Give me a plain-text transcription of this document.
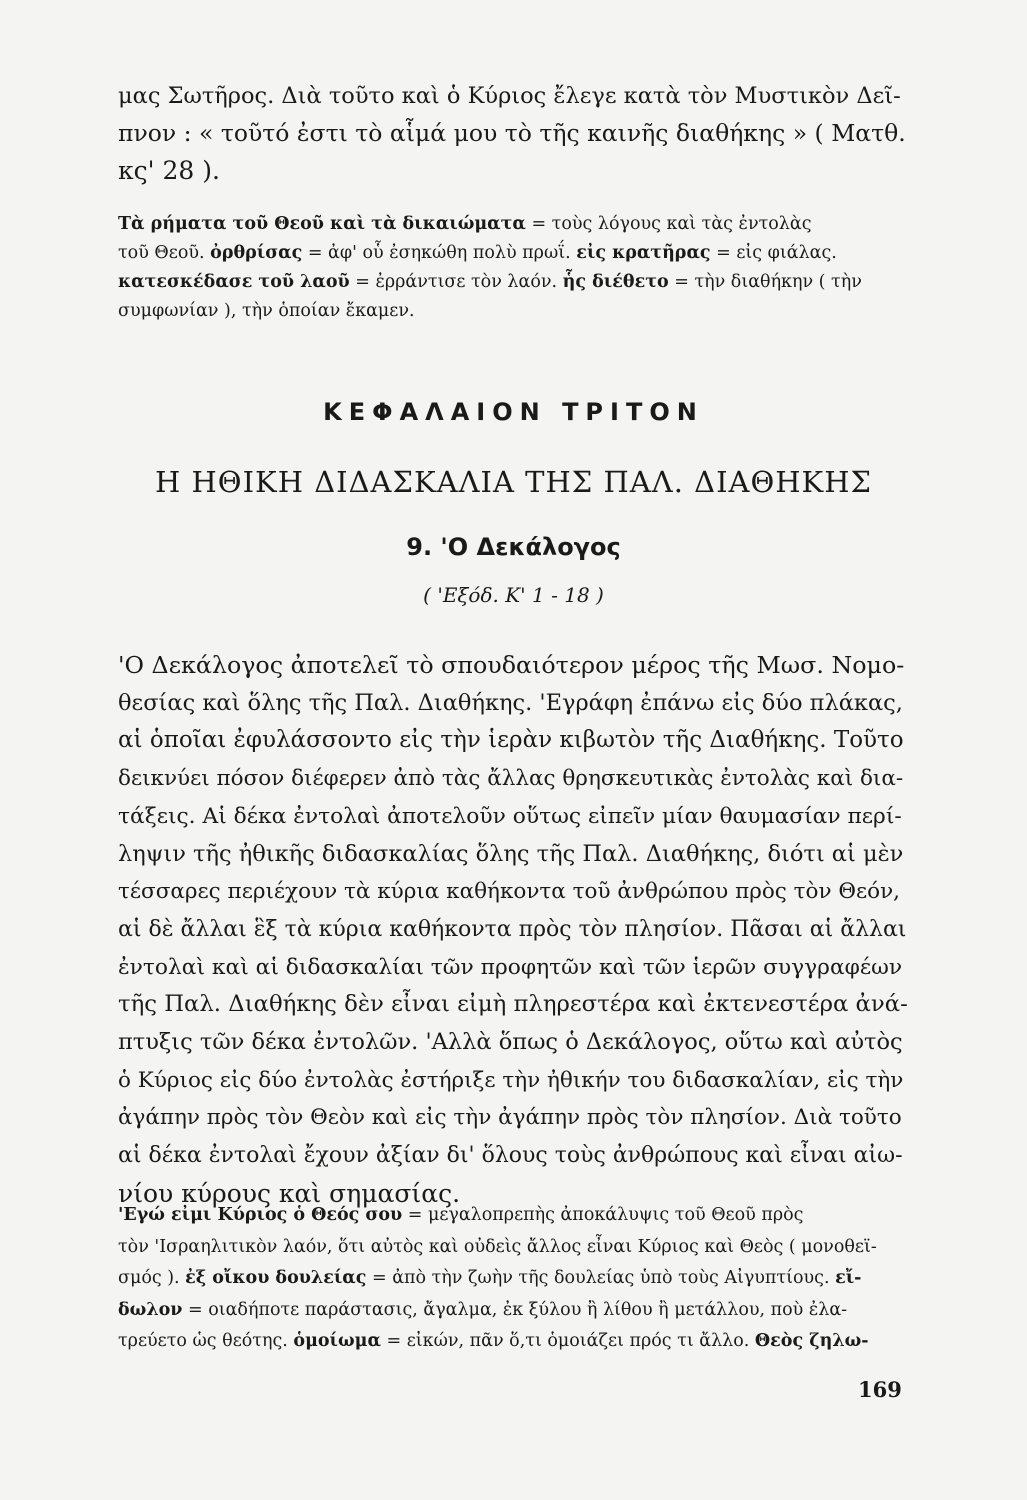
μας Σωτῆρος. Διὰ τοῦτο καὶ ὁ Κύριος ἔλεγε κατὰ τὸν Μυστικὸν Δεῖ-
πνον : « τοῦτό ἐστι τὸ αἷμά μου τὸ τῆς καινῆς διαθήκης » ( Ματθ.
κς' 28 ).
Τὰ ρήματα τοῦ Θεοῦ καὶ τὰ δικαιώματα = τοὺς λόγους καὶ τὰς ἐντολὰς
τοῦ Θεοῦ. ὀρθρίσας = ἀφ' οὗ ἐσηκώθη πολὺ πρωΐ. εἰς κρατῆρας = εἰς φιάλας.
κατεσκέδασε τοῦ λαοῦ = ἐρράντισε τὸν λαόν. ἧς διέθετο = τὴν διαθήκην ( τὴν
συμφωνίαν ), τὴν ὁποίαν ἔκαμεν.
ΚΕΦΑΛΑΙΟΝ ΤΡΙΤΟΝ
Η ΗΘΙΚΗ ΔΙΔΑΣΚΑΛΙΑ ΤΗΣ ΠΑΛ. ΔΙΑΘΗΚΗΣ
9. 'Ο Δεκάλογος
( 'Εξόδ. Κ' 1 - 18 )
'Ο Δεκάλογος ἀποτελεῖ τὸ σπουδαιότερον μέρος τῆς Μωσ. Νομο-
θεσίας καὶ ὅλης τῆς Παλ. Διαθήκης. 'Εγράφη ἐπάνω εἰς δύο πλάκας,
αἱ ὁποῖαι ἐφυλάσσοντο εἰς τὴν ἱερὰν κιβωτὸν τῆς Διαθήκης. Τοῦτο
δεικνύει πόσον διέφερεν ἀπὸ τὰς ἄλλας θρησκευτικὰς ἐντολὰς καὶ δια-
τάξεις. Αἱ δέκα ἐντολαὶ ἀποτελοῦν οὕτως εἰπεῖν μίαν θαυμασίαν περί-
ληψιν τῆς ἠθικῆς διδασκαλίας ὅλης τῆς Παλ. Διαθήκης, διότι αἱ μὲν
τέσσαρες περιέχουν τὰ κύρια καθήκοντα τοῦ ἀνθρώπου πρὸς τὸν Θεόν,
αἱ δὲ ἄλλαι ἓξ τὰ κύρια καθήκοντα πρὸς τὸν πλησίον. Πᾶσαι αἱ ἄλλαι
ἐντολαὶ καὶ αἱ διδασκαλίαι τῶν προφητῶν καὶ τῶν ἱερῶν συγγραφέων
τῆς Παλ. Διαθήκης δὲν εἶναι εἰμὴ πληρεστέρα καὶ ἐκτενεστέρα ἀνά-
πτυξις τῶν δέκα ἐντολῶν. 'Αλλὰ ὅπως ὁ Δεκάλογος, οὕτω καὶ αὐτὸς
ὁ Κύριος εἰς δύο ἐντολὰς ἐστήριξε τὴν ἠθικήν του διδασκαλίαν, εἰς τὴν
ἀγάπην πρὸς τὸν Θεὸν καὶ εἰς τὴν ἀγάπην πρὸς τὸν πλησίον. Διὰ τοῦτο
αἱ δέκα ἐντολαὶ ἔχουν ἀξίαν δι' ὅλους τοὺς ἀνθρώπους καὶ εἶναι αἰω-
νίου κύρους καὶ σημασίας.
'Εγώ εἰμι Κύριος ὁ Θεός σου = μεγαλοπρεπὴς ἀποκάλυψις τοῦ Θεοῦ πρὸς
τὸν 'Ισραηλιτικὸν λαόν, ὅτι αὐτὸς καὶ οὐδεὶς ἄλλος εἶναι Κύριος καὶ Θεὸς ( μονοθεϊ-
σμός ). ἐξ οἴκου δουλείας = ἀπὸ τὴν ζωὴν τῆς δουλείας ὑπὸ τοὺς Αἰγυπτίους. εἴ-
δωλον = οιαδήποτε παράστασις, ἄγαλμα, ἐκ ξύλου ἢ λίθου ἢ μετάλλου, ποὺ ἐλα-
τρεύετο ὡς θεότης. ὁμοίωμα = εἰκών, πᾶν ὅ,τι ὁμοιάζει πρός τι ἄλλο. Θεὸς ζηλω-
169
